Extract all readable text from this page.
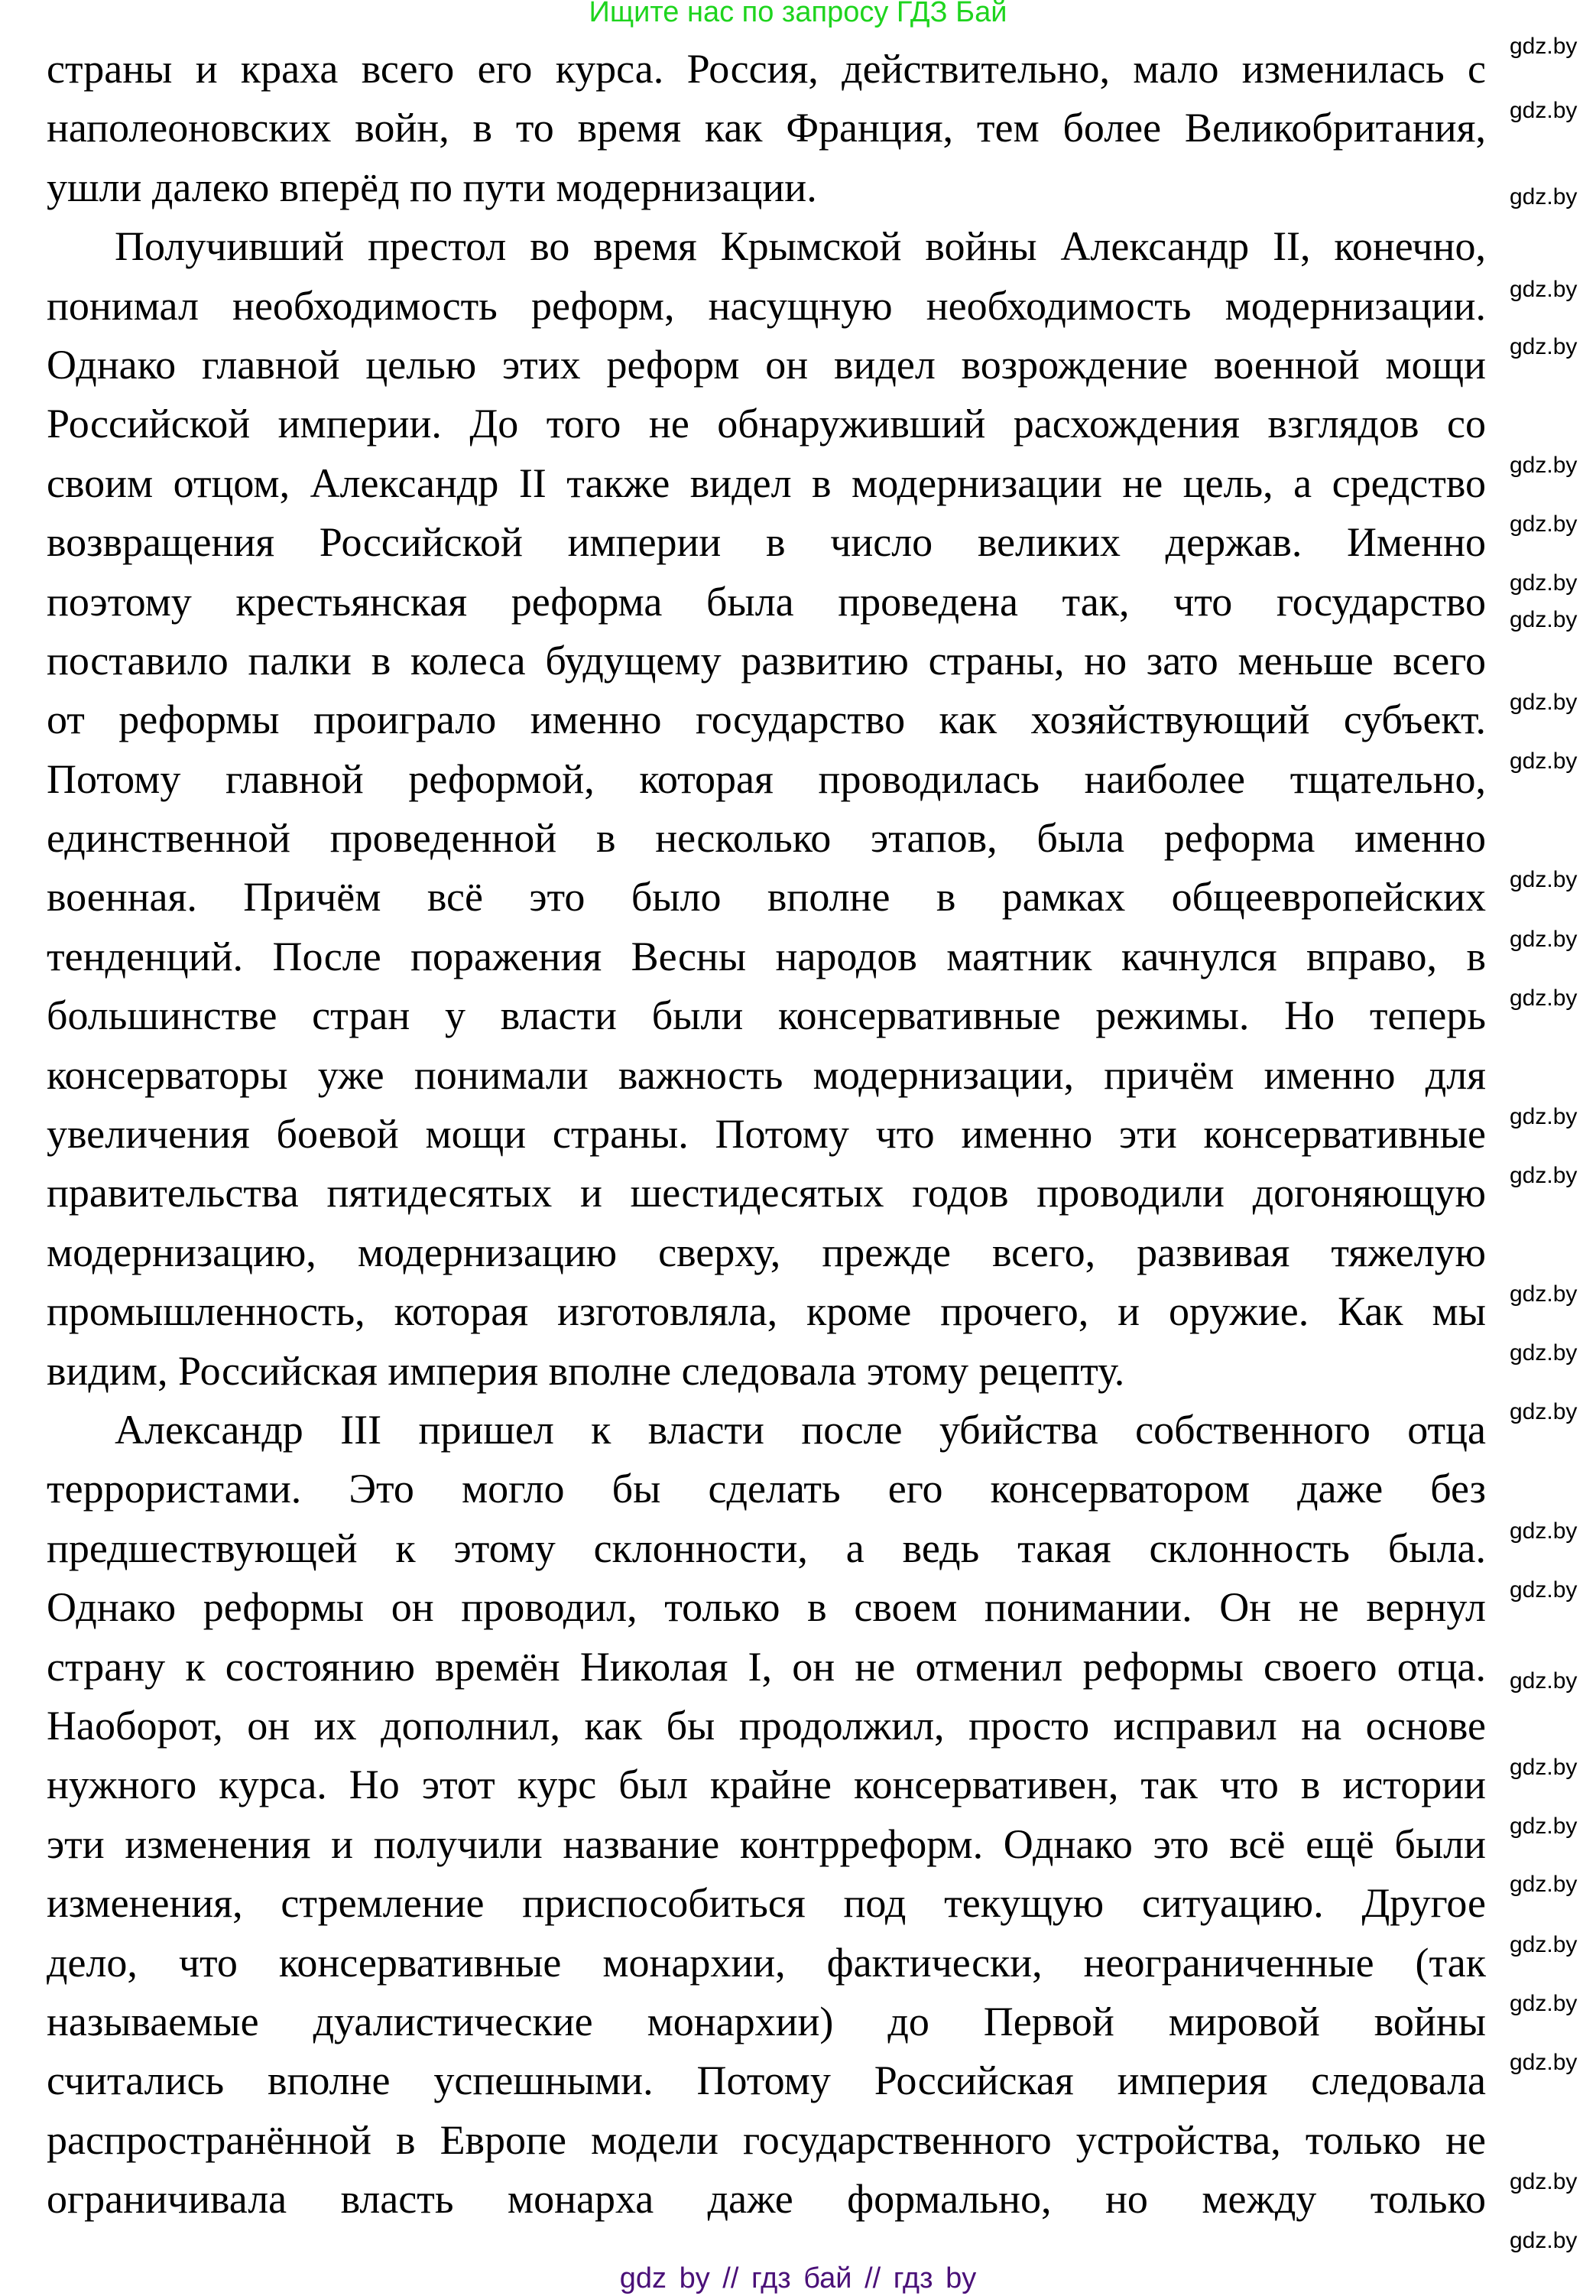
Ищите нас по запросу ГДЗ Бай
страны и краха всего его курса. Россия, действительно, мало изменилась с
наполеоновских войн, в то время как Франция, тем более Великобритания,
ушли далеко вперёд по пути модернизации.
Получивший престол во время Крымской войны Александр II, конечно,
понимал необходимость реформ, насущную необходимость модернизации.
Однако главной целью этих реформ он видел возрождение военной мощи
Российской империи. До того не обнаруживший расхождения взглядов со
своим отцом, Александр II также видел в модернизации не цель, а средство
возвращения Российской империи в число великих держав. Именно
поэтому крестьянская реформа была проведена так, что государство
поставило палки в колеса будущему развитию страны, но зато меньше всего
от реформы проиграло именно государство как хозяйствующий субъект.
Потому главной реформой, которая проводилась наиболее тщательно,
единственной проведенной в несколько этапов, была реформа именно
военная. Причём всё это было вполне в рамках общеевропейских
тенденций. После поражения Весны народов маятник качнулся вправо, в
большинстве стран у власти были консервативные режимы. Но теперь
консерваторы уже понимали важность модернизации, причём именно для
увеличения боевой мощи страны. Потому что именно эти консервативные
правительства пятидесятых и шестидесятых годов проводили догоняющую
модернизацию, модернизацию сверху, прежде всего, развивая тяжелую
промышленность, которая изготовляла, кроме прочего, и оружие. Как мы
видим, Российская империя вполне следовала этому рецепту.
Александр III пришел к власти после убийства собственного отца
террористами. Это могло бы сделать его консерватором даже без
предшествующей к этому склонности, а ведь такая склонность была.
Однако реформы он проводил, только в своем понимании. Он не вернул
страну к состоянию времён Николая I, он не отменил реформы своего отца.
Наоборот, он их дополнил, как бы продолжил, просто исправил на основе
нужного курса. Но этот курс был крайне консервативен, так что в истории
эти изменения и получили название контрреформ. Однако это всё ещё были
изменения, стремление приспособиться под текущую ситуацию. Другое
дело, что консервативные монархии, фактически, неограниченные (так
называемые дуалистические монархии) до Первой мировой войны
считались вполне успешными. Потому Российская империя следовала
распространённой в Европе модели государственного устройства, только не
ограничивала власть монарха даже формально, но между только
gdz.by
gdz.by
gdz.by
gdz.by
gdz.by
gdz.by
gdz.by
gdz.by
gdz.by
gdz.by
gdz.by
gdz.by
gdz.by
gdz.by
gdz.by
gdz.by
gdz.by
gdz.by
gdz.by
gdz.by
gdz.by
gdz.by
gdz.by
gdz.by
gdz.by
gdz.by
gdz.by
gdz.by
gdz.by
gdz.by
gdz by // гдз бай // гдз by
